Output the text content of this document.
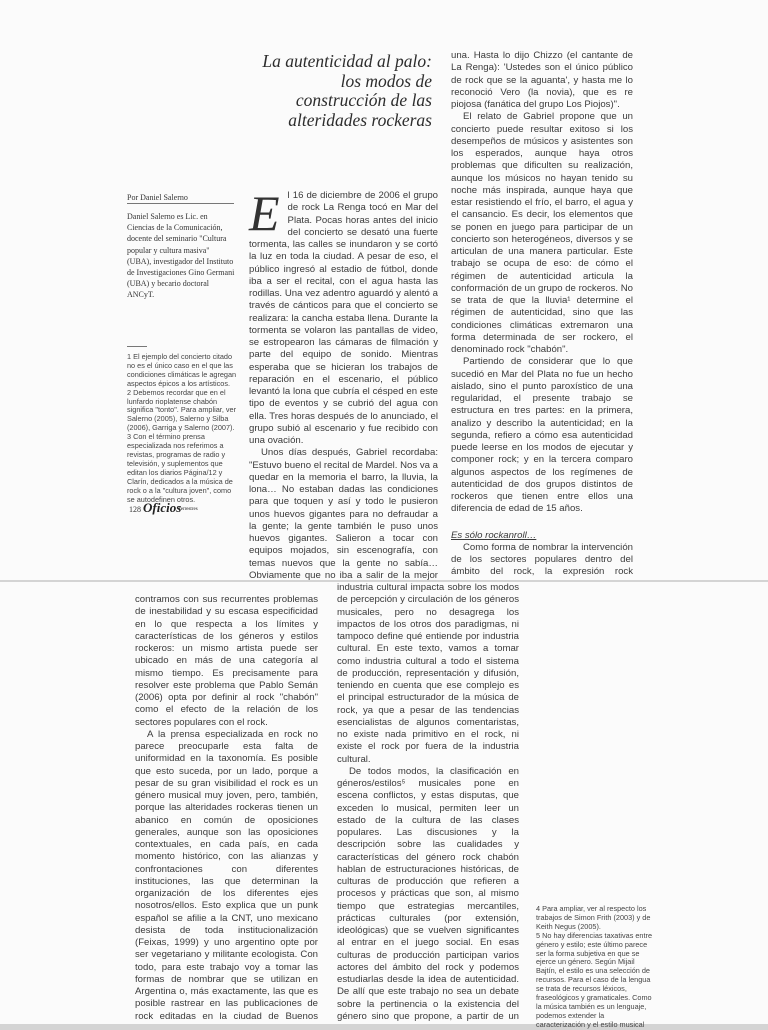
La autenticidad al palo: los modos de construcción de las alteridades rockeras
Por Daniel Salerno
Daniel Salerno es Lic. en Ciencias de la Comunicación, docente del seminario "Cultura popular y cultura masiva" (UBA), investigador del Instituto de Investigaciones Gino Germani (UBA) y becario doctoral ANCyT.
1 El ejemplo del concierto citado no es el único caso en el que las condiciones climáticas le agregan aspectos épicos a los artísticos.
2 Debemos recordar que en el lunfardo rioplatense chabón significa "tonto". Para ampliar, ver Salerno (2005), Salerno y Silba (2006), Garriga y Salerno (2007).
3 Con el término prensa especializada nos referimos a revistas, programas de radio y televisión, y suplementos que editan los diarios Página/12 y Clarín, dedicados a la música de rock o a la "cultura joven", como se autodefinen otros.

El 16 de diciembre de 2006 el grupo de rock La Renga tocó en Mar del Plata. Pocas horas antes del inicio del concierto se desató una fuerte tormenta, las calles se inundaron y se cortó la luz en toda la ciudad. A pesar de eso, el público ingresó al estadio de fútbol, donde iba a ser el recital, con el agua hasta las rodillas. Una vez adentro aguardó y alentó a través de cánticos para que el concierto se realizara: la cancha estaba llena. Durante la tormenta se volaron las pantallas de video, se estropearon las cámaras de filmación y parte del equipo de sonido. Mientras esperaba que se hicieran los trabajos de reparación en el escenario, el público levantó la lona que cubría el césped en este tipo de eventos y se cubrió del agua con ella. Tres horas después de lo anunciado, el grupo subió al escenario y fue recibido con una ovación.

Unos días después, Gabriel recordaba: "Estuvo bueno el recital de Mardel. Nos va a quedar en la memoria el barro, la lluvia, la lona… No estaban dadas las condiciones para que toquen y así y todo le pusieron unos huevos gigantes para no defraudar a la gente; la gente también le puso unos huevos gigantes. Salieron a tocar con equipos mojados, sin escenografía, con temas nuevos que la gente no sabía… Obviamente que no iba a salir de la mejor

una. Hasta lo dijo Chizzo (el cantante de La Renga): 'Ustedes son el único público de rock que se la aguanta', y hasta me lo reconoció Vero (la novia), que es re piojosa (fanática del grupo Los Piojos)".

El relato de Gabriel propone que un concierto puede resultar exitoso si los desempeños de músicos y asistentes son los esperados, aunque haya otros problemas que dificulten su realización, aunque los músicos no hayan tenido su noche más inspirada, aunque haya que estar resistiendo el frío, el barro, el agua y el cansancio. Es decir, los elementos que se ponen en juego para participar de un concierto son heterogéneos, diversos y se articulan de una manera particular. Este trabajo se ocupa de eso: de cómo el régimen de autenticidad articula la conformación de un grupo de rockeros. No se trata de que la lluvia¹ determine el régimen de autenticidad, sino que las condiciones climáticas extremaron una forma determinada de ser rockero, el denominado rock "chabón".

Partiendo de considerar que lo que sucedió en Mar del Plata no fue un hecho aislado, sino el punto paroxístico de una regularidad, el presente trabajo se estructura en tres partes: en la primera, analizo y describo la autenticidad; en la segunda, refiero a cómo esa autenticidad puede leerse en los modos de ejecutar y componer rock; y en la tercera comparo algunos aspectos de los regímenes de autenticidad de dos grupos distintos de rockeros que tienen entre ellos una diferencia de edad de 15 años.

Es sólo rockanroll…

Como forma de nombrar la intervención de los sectores populares dentro del ámbito del rock, la expresión rock

128 Oficios
Terrestres

contramos con sus recurrentes problemas de inestabilidad y su escasa especificidad en lo que respecta a los límites y características de los géneros y estilos rockeros: un mismo artista puede ser ubicado en más de una categoría al mismo tiempo. Es precisamente para resolver este problema que Pablo Semán (2006) opta por definir al rock "chabón" como el efecto de la relación de los sectores populares con el rock.

A la prensa especializada en rock no parece preocuparle esta falta de uniformidad en la taxonomía. Es posible que esto suceda, por un lado, porque a pesar de su gran visibilidad el rock es un género musical muy joven, pero, también, porque las alteridades rockeras tienen un abanico en común de oposiciones generales, aunque son las oposiciones contextuales, en cada país, en cada momento histórico, con las alianzas y confrontaciones con diferentes instituciones, las que determinan la organización de los diferentes ejes nosotros/ellos. Esto explica que un punk español se afilie a la CNT, uno mexicano desista de toda institucionalización (Feixas, 1999) y uno argentino opte por ser vegetariano y militante ecologista. Con todo, para este trabajo voy a tomar las formas de nombrar que se utilizan en Argentina o, más exactamente, las que es posible rastrear en las publicaciones de rock editadas en la ciudad de Buenos

industria cultural impacta sobre los modos de percepción y circulación de los géneros musicales, pero no desagrega los impactos de los otros dos paradigmas, ni tampoco define qué entiende por industria cultural. En este texto, vamos a tomar como industria cultural a todo el sistema de producción, representación y difusión, teniendo en cuenta que ese complejo es el principal estructurador de la música de rock, ya que a pesar de las tendencias esencialistas de algunos comentaristas, no existe nada primitivo en el rock, ni existe el rock por fuera de la industria cultural.

De todos modos, la clasificación en géneros/estilos⁵ musicales pone en escena conflictos, y estas disputas, que exceden lo musical, permiten leer un estado de la cultura de las clases populares. Las discusiones y la descripción sobre las cualidades y características del género rock chabón hablan de estructuraciones históricas, de culturas de producción que refieren a procesos y prácticas que son, al mismo tiempo que estrategias mercantiles, prácticas culturales (por extensión, ideológicas) que se vuelven significantes al entrar en el juego social. En esas culturas de producción participan varios actores del ámbito del rock y podemos estudiarlas desde la idea de autenticidad. De allí que este trabajo no sea un debate sobre la pertinencia o la existencia del género sino que propone, a partir de un

4 Para ampliar, ver al respecto los trabajos de Simon Frith (2003) y de Keith Negus (2005).
5 No hay diferencias taxativas entre género y estilo; este último parece ser la forma subjetiva en que se ejerce un género. Según Mijail Bajtín, el estilo es una selección de recursos. Para el caso de la lengua se trata de recursos léxicos, fraseológicos y gramaticales. Como la música también es un lenguaje, podemos extender la caracterización y el estilo musical
